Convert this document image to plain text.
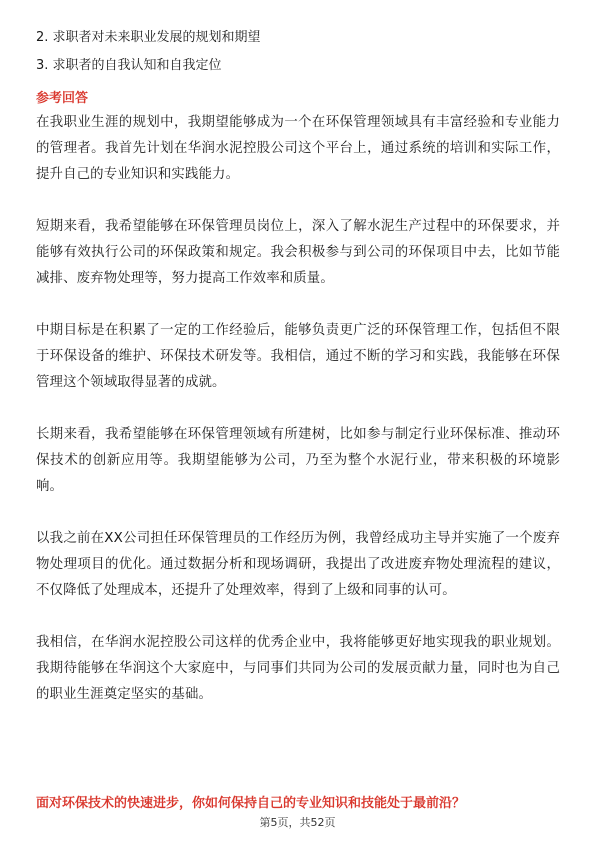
2. 求职者对未来职业发展的规划和期望
3. 求职者的自我认知和自我定位
参考回答

在我职业生涯的规划中，我期望能够成为一个在环保管理领域具有丰富经验和专业能力的管理者。我首先计划在华润水泥控股公司这个平台上，通过系统的培训和实际工作，提升自己的专业知识和实践能力。

短期来看，我希望能够在环保管理员岗位上，深入了解水泥生产过程中的环保要求，并能够有效执行公司的环保政策和规定。我会积极参与到公司的环保项目中去，比如节能减排、废弃物处理等，努力提高工作效率和质量。

中期目标是在积累了一定的工作经验后，能够负责更广泛的环保管理工作，包括但不限于环保设备的维护、环保技术研发等。我相信，通过不断的学习和实践，我能够在环保管理这个领域取得显著的成就。

长期来看，我希望能够在环保管理领域有所建树，比如参与制定行业环保标准、推动环保技术的创新应用等。我期望能够为公司，乃至为整个水泥行业，带来积极的环境影响。

以我之前在XX公司担任环保管理员的工作经历为例，我曾经成功主导并实施了一个废弃物处理项目的优化。通过数据分析和现场调研，我提出了改进废弃物处理流程的建议，不仅降低了处理成本，还提升了处理效率，得到了上级和同事的认可。

我相信，在华润水泥控股公司这样的优秀企业中，我将能够更好地实现我的职业规划。我期待能够在华润这个大家庭中，与同事们共同为公司的发展贡献力量，同时也为自己的职业生涯奠定坚实的基础。

面对环保技术的快速进步，你如何保持自己的专业知识和技能处于最前沿？
第5页，共52页
